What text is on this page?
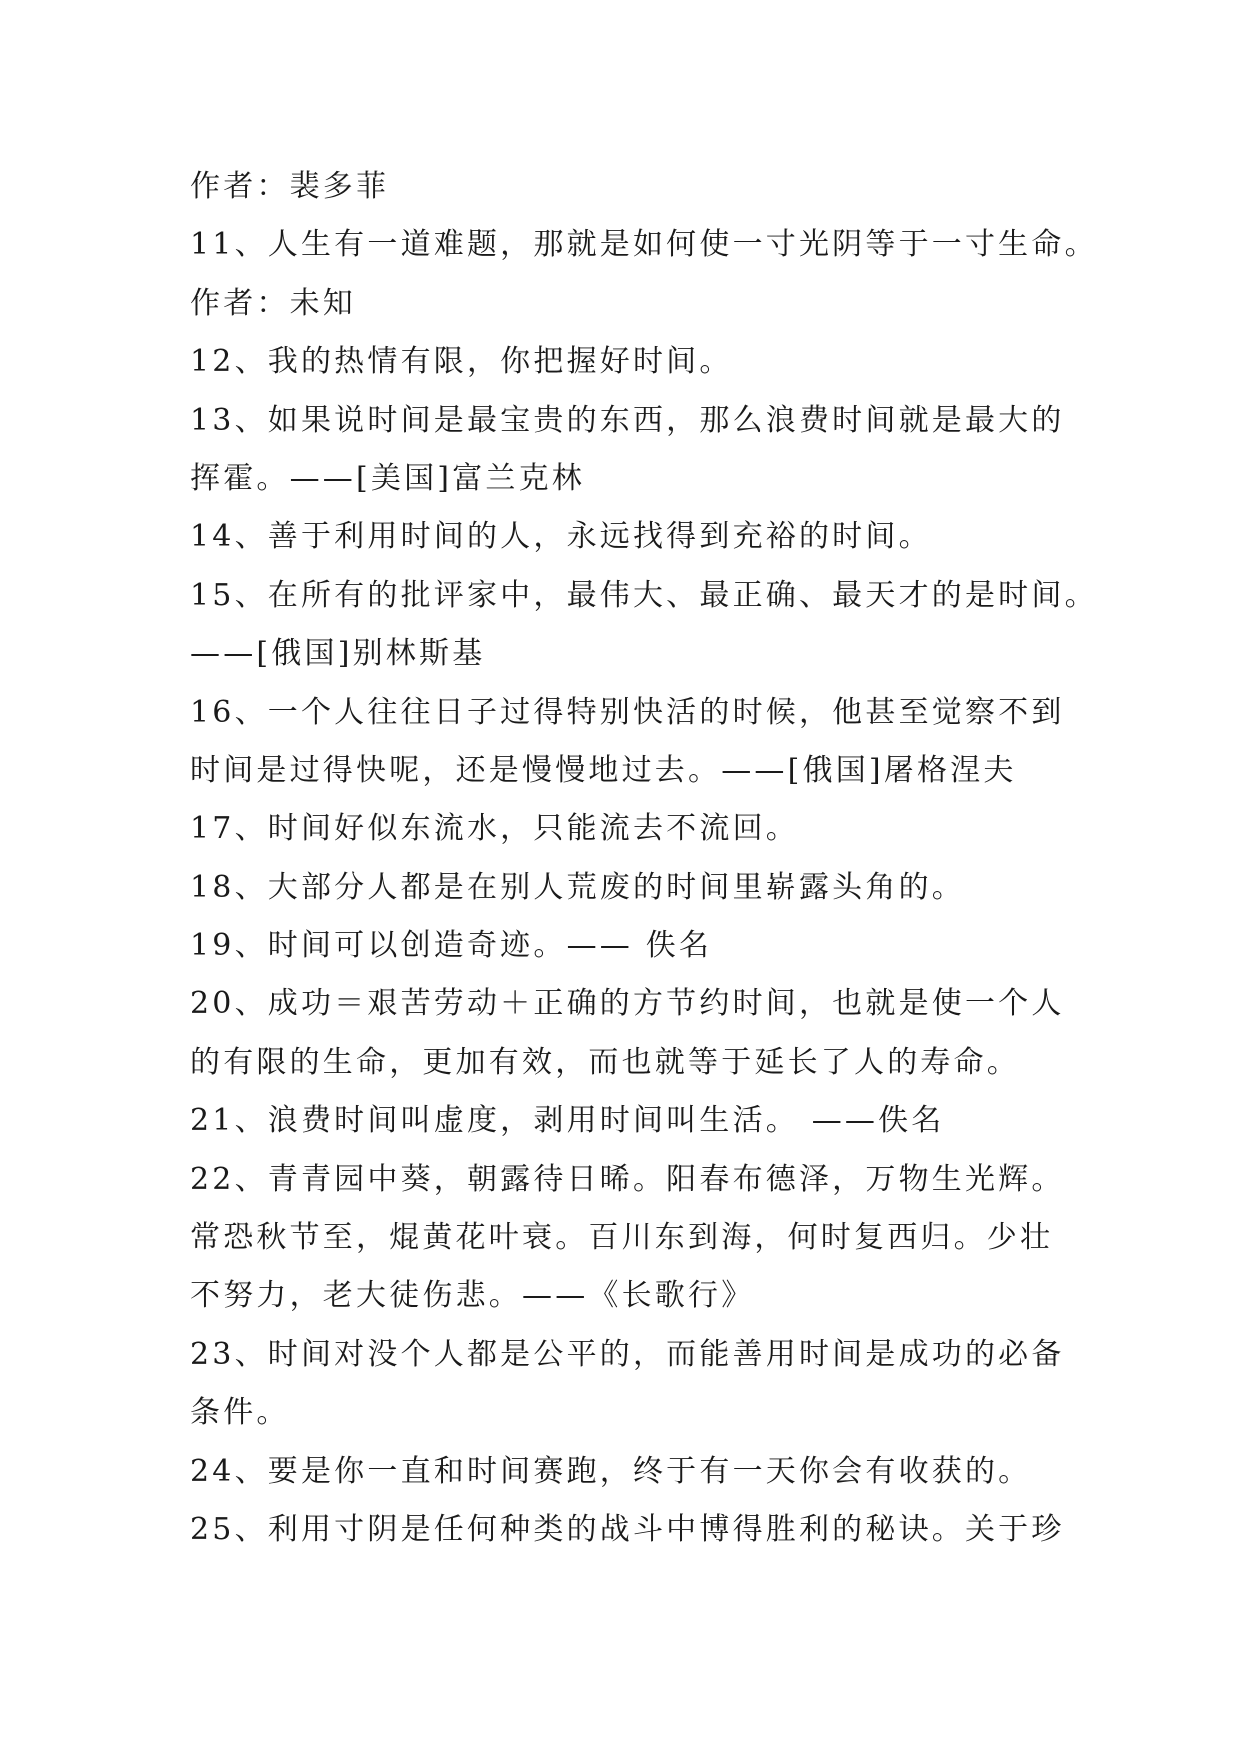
作者：裴多菲
11、人生有一道难题，那就是如何使一寸光阴等于一寸生命。
作者：未知
12、我的热情有限，你把握好时间。
13、如果说时间是最宝贵的东西，那么浪费时间就是最大的
挥霍。——[美国]富兰克林
14、善于利用时间的人，永远找得到充裕的时间。
15、在所有的批评家中，最伟大、最正确、最天才的是时间。
——[俄国]别林斯基
16、一个人往往日子过得特别快活的时候，他甚至觉察不到
时间是过得快呢，还是慢慢地过去。——[俄国]屠格涅夫
17、时间好似东流水，只能流去不流回。
18、大部分人都是在别人荒废的时间里崭露头角的。
19、时间可以创造奇迹。—— 佚名
20、成功＝艰苦劳动＋正确的方节约时间，也就是使一个人
的有限的生命，更加有效，而也就等于延长了人的寿命。
21、浪费时间叫虚度，剥用时间叫生活。 ——佚名
22、青青园中葵，朝露待日晞。阳春布德泽，万物生光辉。
常恐秋节至，焜黄花叶衰。百川东到海，何时复西归。少壮
不努力，老大徒伤悲。——《长歌行》
23、时间对没个人都是公平的，而能善用时间是成功的必备
条件。
24、要是你一直和时间赛跑，终于有一天你会有收获的。
25、利用寸阴是任何种类的战斗中博得胜利的秘诀。关于珍
